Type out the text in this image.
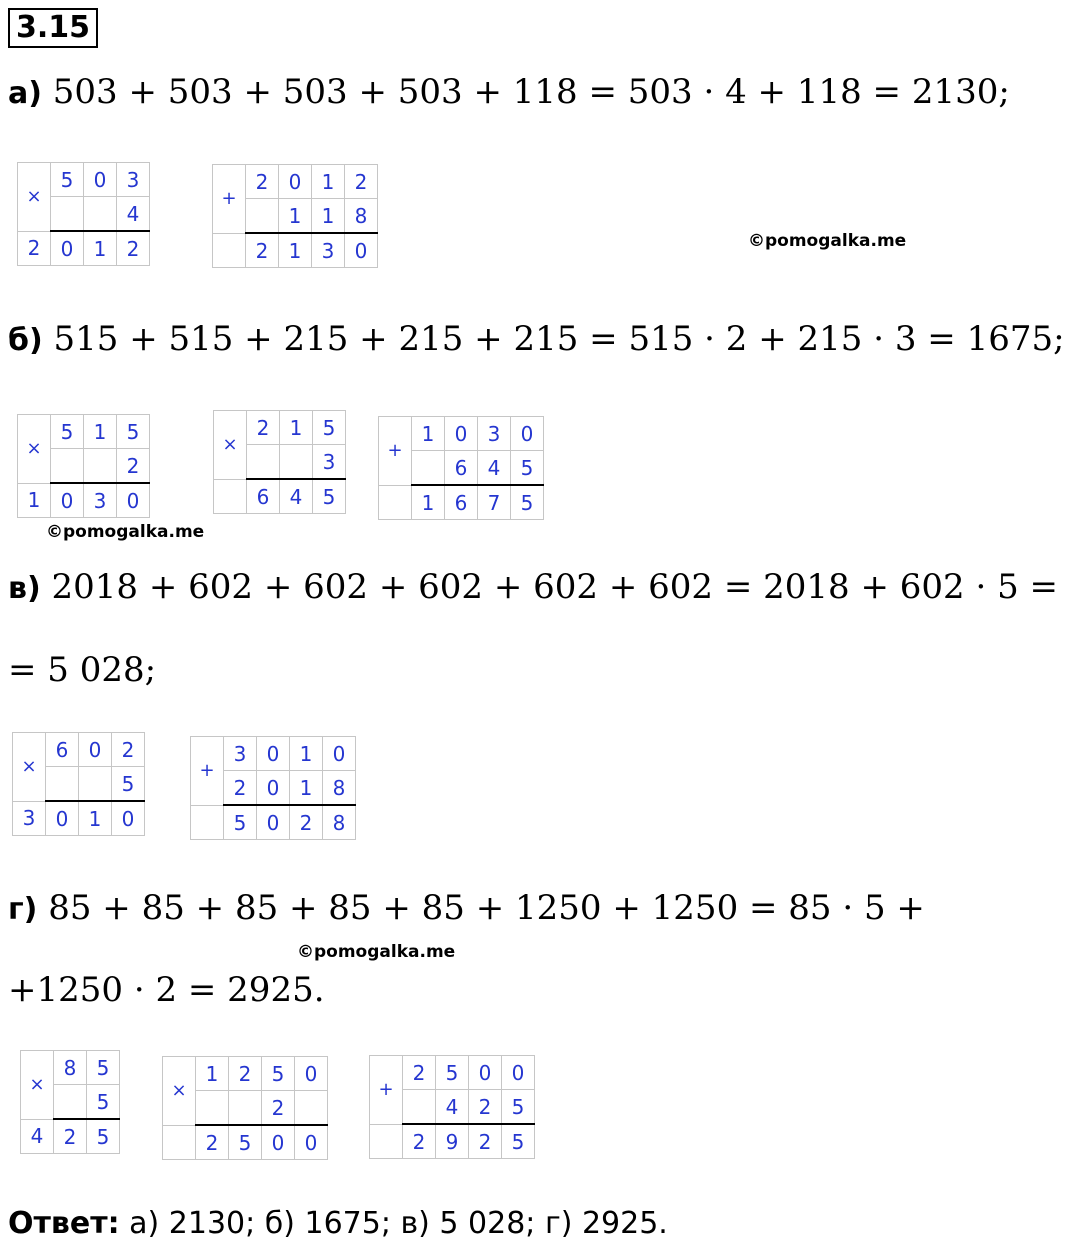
3.15
а) 503 + 503 + 503 + 503 + 118 = 503 · 4 + 118 = 2130;
×	5	0	3
			4
2	0	1	2
+	2	0	1	2
		1	1	8
	2	1	3	0	©pomogalka.me
б) 515 + 515 + 215 + 215 + 215 = 515 · 2 + 215 · 3 = 1675;
×	5	1	5
			2
1	0	3	0
×	2	1	5
			3
	6	4	5
+	1	0	3	0
		6	4	5
	1	6	7	5
©pomogalka.me
в) 2018 + 602 + 602 + 602 + 602 + 602 = 2018 + 602 · 5 =
= 5 028;
×	6	0	2
			5
3	0	1	0
+	3	0	1	0
	2	0	1	8
	5	0	2	8
г) 85 + 85 + 85 + 85 + 85 + 1250 + 1250 = 85 · 5 +
©pomogalka.me
+1250 · 2 = 2925.
×	8	5
		5
4	2	5
×	1	2	5	0
			2	
	2	5	0	0
+	2	5	0	0
		4	2	5
	2	9	2	5
Ответ: а) 2130; б) 1675; в) 5 028; г) 2925.
